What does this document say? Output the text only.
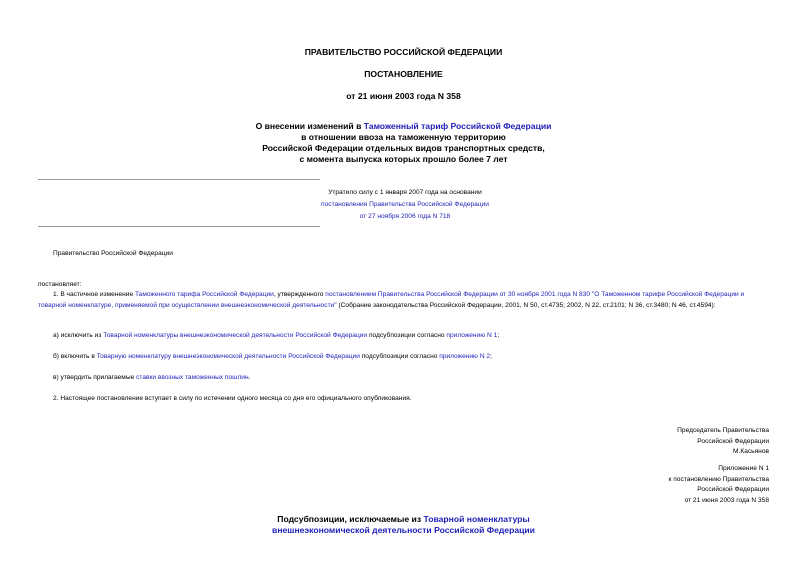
ПРАВИТЕЛЬСТВО РОССИЙСКОЙ ФЕДЕРАЦИИ
ПОСТАНОВЛЕНИЕ
от 21 июня 2003 года N 358
О внесении изменений в Таможенный тариф Российской Федерации
в отношении ввоза на таможенную территорию
Российской Федерации отдельных видов транспортных средств,
с момента выпуска которых прошло более 7 лет
Утратило силу с 1 января 2007 года на основании
постановления Правительства Российской Федерации
от 27 ноября 2006 года N 718
Правительство Российской Федерации
постановляет:
1. В частичное изменение Таможенного тарифа Российской Федерации, утвержденного постановлением Правительства Российской Федерации от 30 ноября 2001 года N 830 "О Таможенном тарифе Российской Федерации и товарной номенклатуре, применяемой при осуществлении внешнеэкономической деятельности" (Собрание законодательства Российской Федерации, 2001, N 50, ст.4735; 2002, N 22, ст.2101; N 36, ст.3480; N 46, ст.4594):
а) исключить из Товарной номенклатуры внешнеэкономической деятельности Российской Федерации подсубпозиции согласно приложению N 1;
б) включить в Товарную номенклатуру внешнеэкономической деятельности Российской Федерации подсубпозиции согласно приложению N 2;
в) утвердить прилагаемые ставки ввозных таможенных пошлин.
2. Настоящее постановление вступает в силу по истечении одного месяца со дня его официального опубликования.
Председатель Правительства
Российской Федерации
М.Касьянов
Приложение N 1
к постановлению Правительства
Российской Федерации
от 21 июня 2003 года N 358
Подсубпозиции, исключаемые из Товарной номенклатуры
внешнеэкономической деятельности Российской Федерации
